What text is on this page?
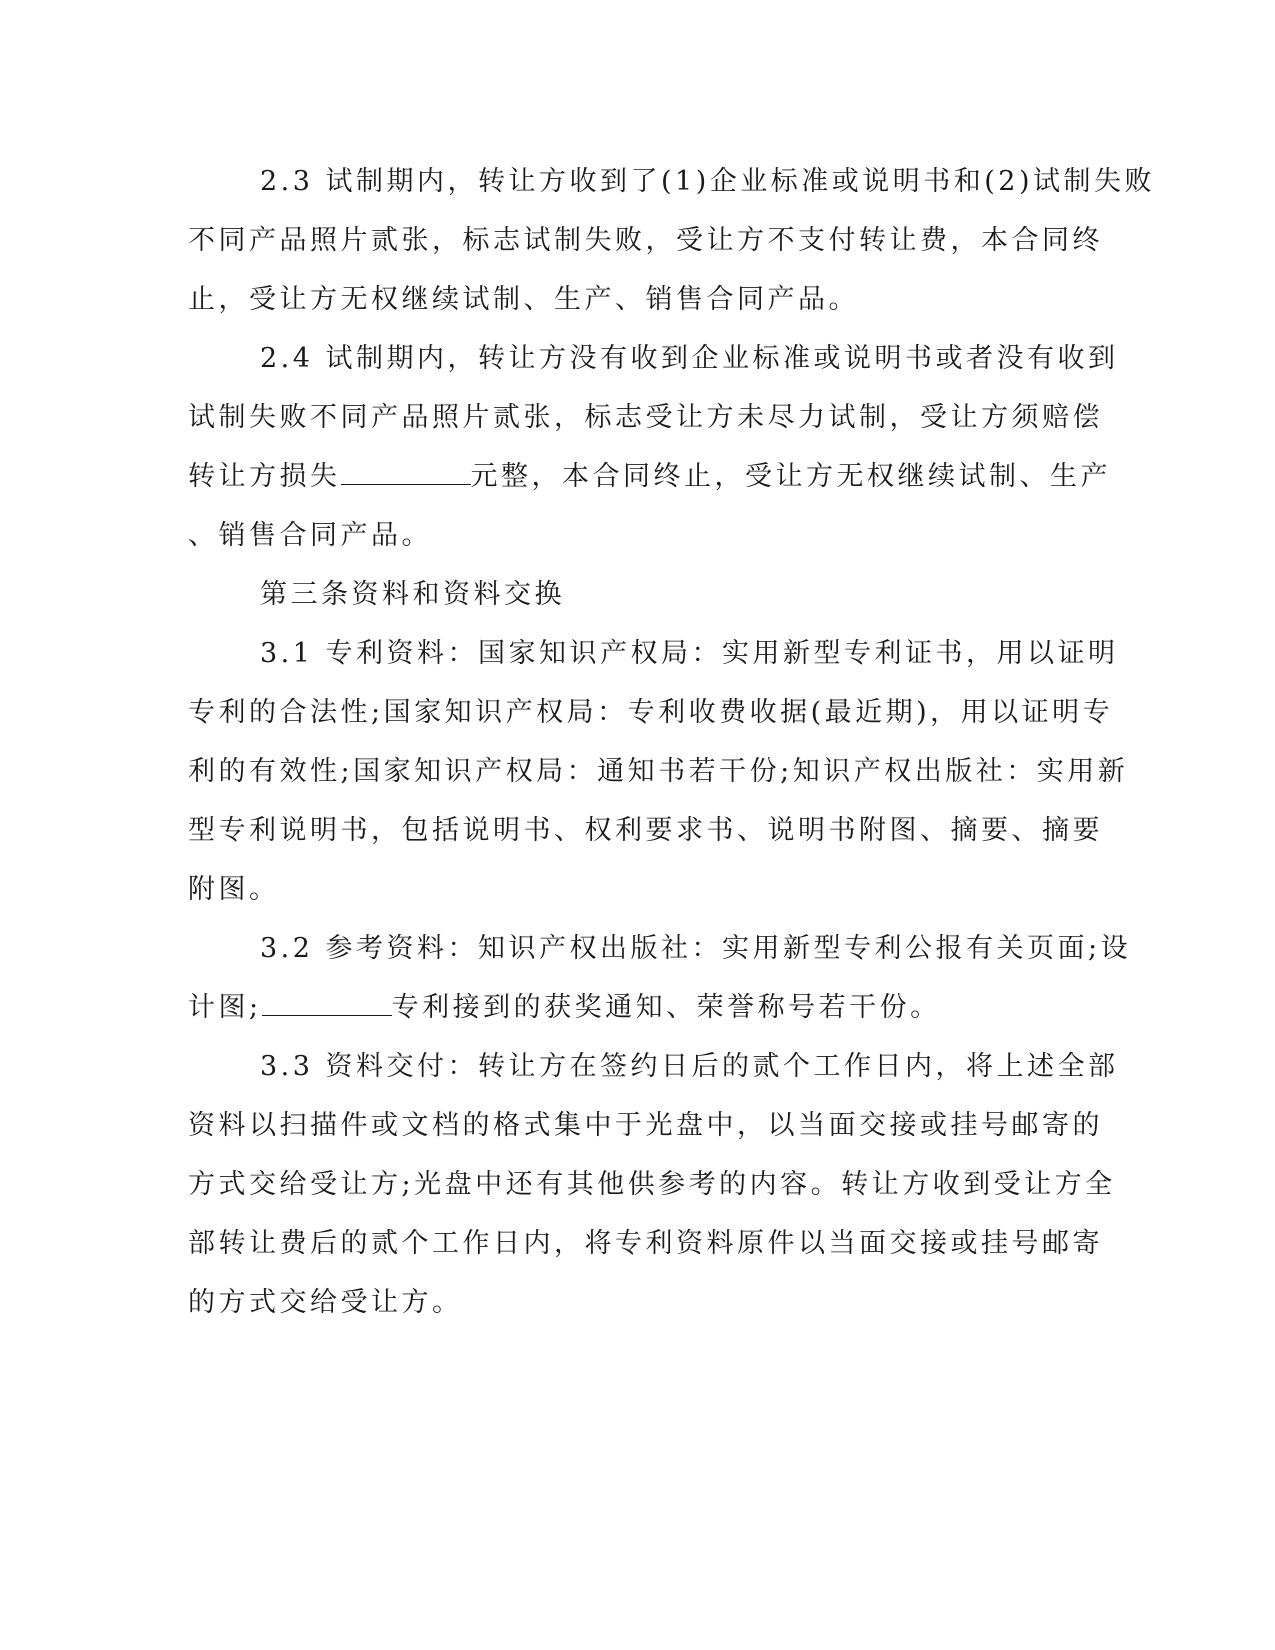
2.3 试制期内，转让方收到了(1)企业标准或说明书和(2)试制失败
不同产品照片贰张，标志试制失败，受让方不支付转让费，本合同终
止，受让方无权继续试制、生产、销售合同产品。
2.4 试制期内，转让方没有收到企业标准或说明书或者没有收到
试制失败不同产品照片贰张，标志受让方未尽力试制，受让方须赔偿
转让方损失	元整，本合同终止，受让方无权继续试制、生产
、销售合同产品。
第三条资料和资料交换
3.1 专利资料：国家知识产权局：实用新型专利证书，用以证明
专利的合法性;国家知识产权局：专利收费收据(最近期)，用以证明专
利的有效性;国家知识产权局：通知书若干份;知识产权出版社：实用新
型专利说明书，包括说明书、权利要求书、说明书附图、摘要、摘要
附图。
3.2 参考资料：知识产权出版社：实用新型专利公报有关页面;设
计图;	专利接到的获奖通知、荣誉称号若干份。
3.3 资料交付：转让方在签约日后的贰个工作日内，将上述全部
资料以扫描件或文档的格式集中于光盘中，以当面交接或挂号邮寄的
方式交给受让方;光盘中还有其他供参考的内容。转让方收到受让方全
部转让费后的贰个工作日内，将专利资料原件以当面交接或挂号邮寄
的方式交给受让方。
